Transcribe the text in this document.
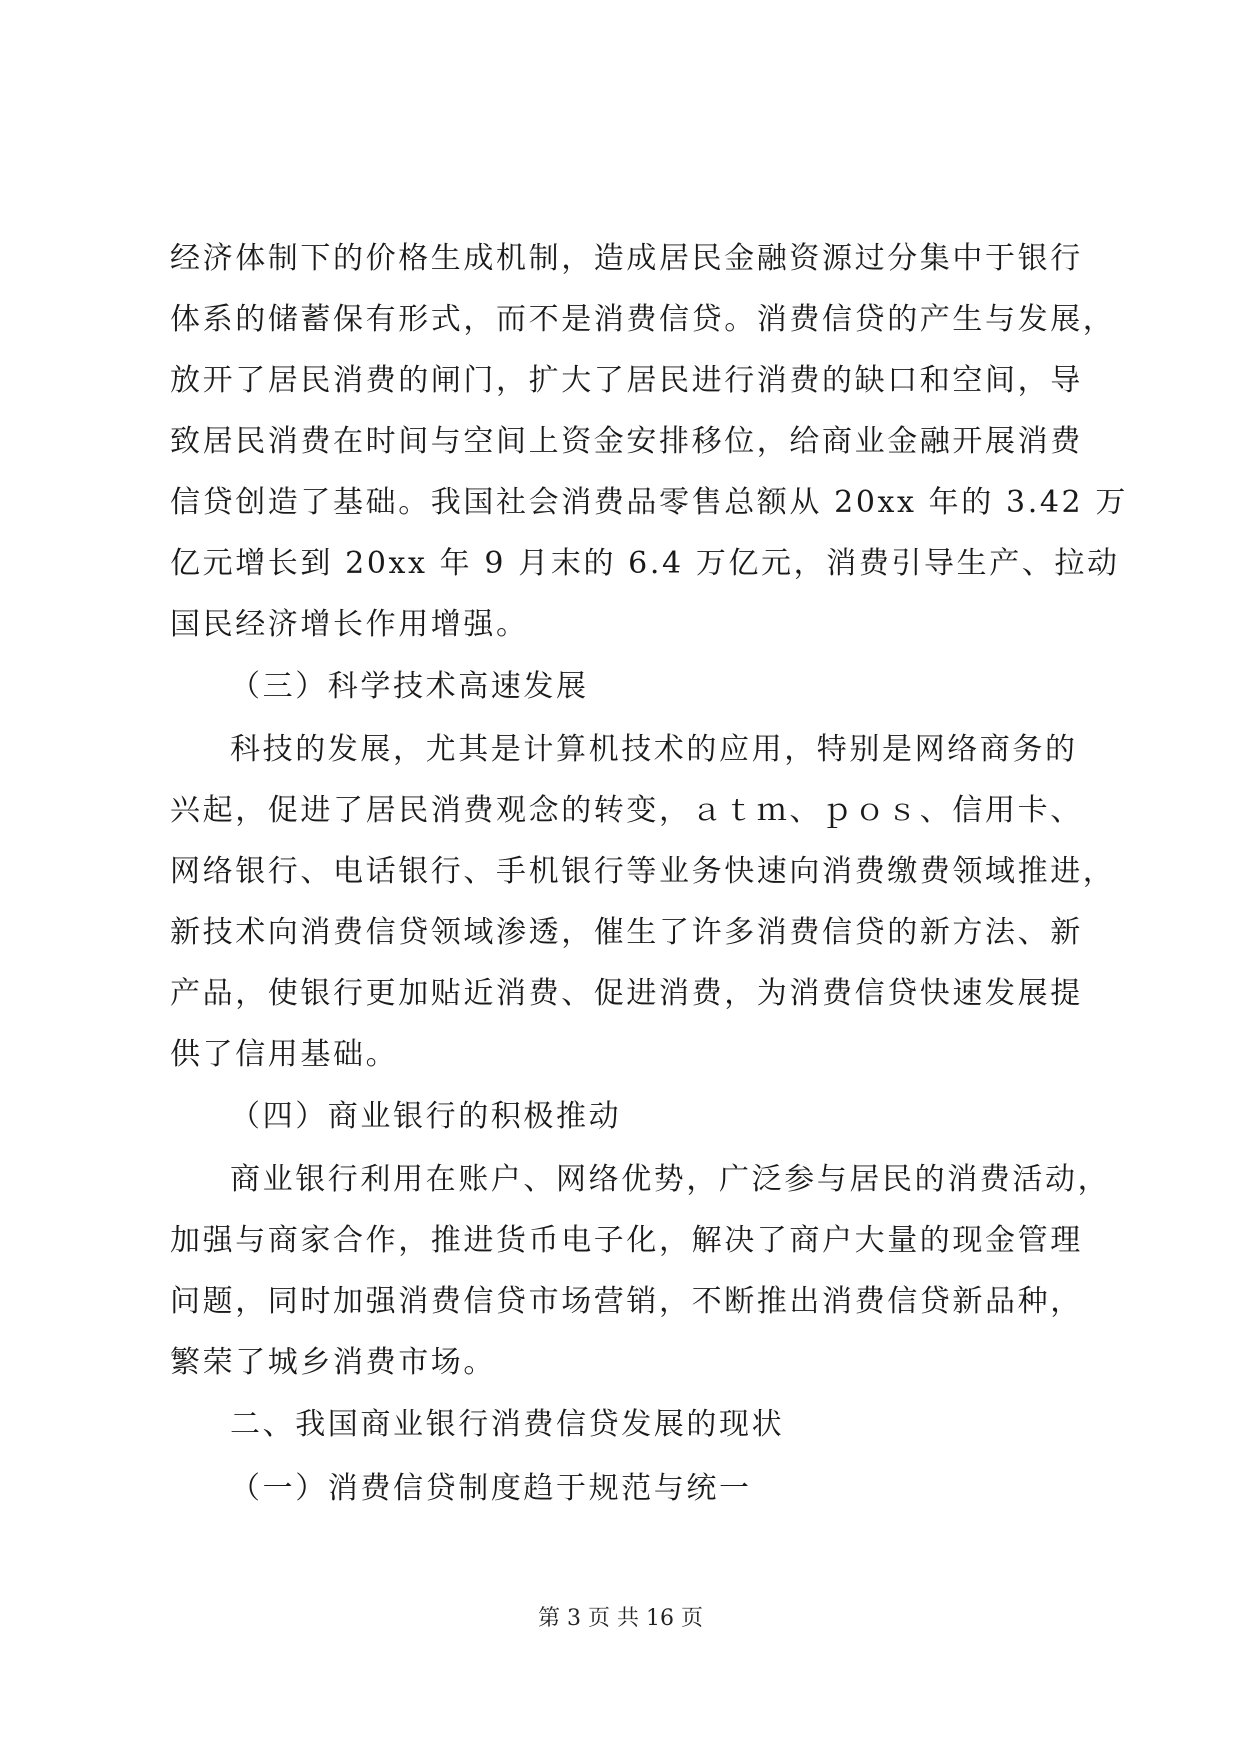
经济体制下的价格生成机制，造成居民金融资源过分集中于银行
体系的储蓄保有形式，而不是消费信贷。消费信贷的产生与发展，
放开了居民消费的闸门，扩大了居民进行消费的缺口和空间，导
致居民消费在时间与空间上资金安排移位，给商业金融开展消费
信贷创造了基础。我国社会消费品零售总额从 20xx 年的 3.42 万
亿元增长到 20xx 年 9 月末的 6.4 万亿元，消费引导生产、拉动
国民经济增长作用增强。
（三）科学技术高速发展
科技的发展，尤其是计算机技术的应用，特别是网络商务的
兴起，促进了居民消费观念的转变，ａｔｍ、ｐｏｓ、信用卡、
网络银行、电话银行、手机银行等业务快速向消费缴费领域推进，
新技术向消费信贷领域渗透，催生了许多消费信贷的新方法、新
产品，使银行更加贴近消费、促进消费，为消费信贷快速发展提
供了信用基础。
（四）商业银行的积极推动
商业银行利用在账户、网络优势，广泛参与居民的消费活动，
加强与商家合作，推进货币电子化，解决了商户大量的现金管理
问题，同时加强消费信贷市场营销，不断推出消费信贷新品种，
繁荣了城乡消费市场。
二、我国商业银行消费信贷发展的现状
（一）消费信贷制度趋于规范与统一
第 3 页 共 16 页
